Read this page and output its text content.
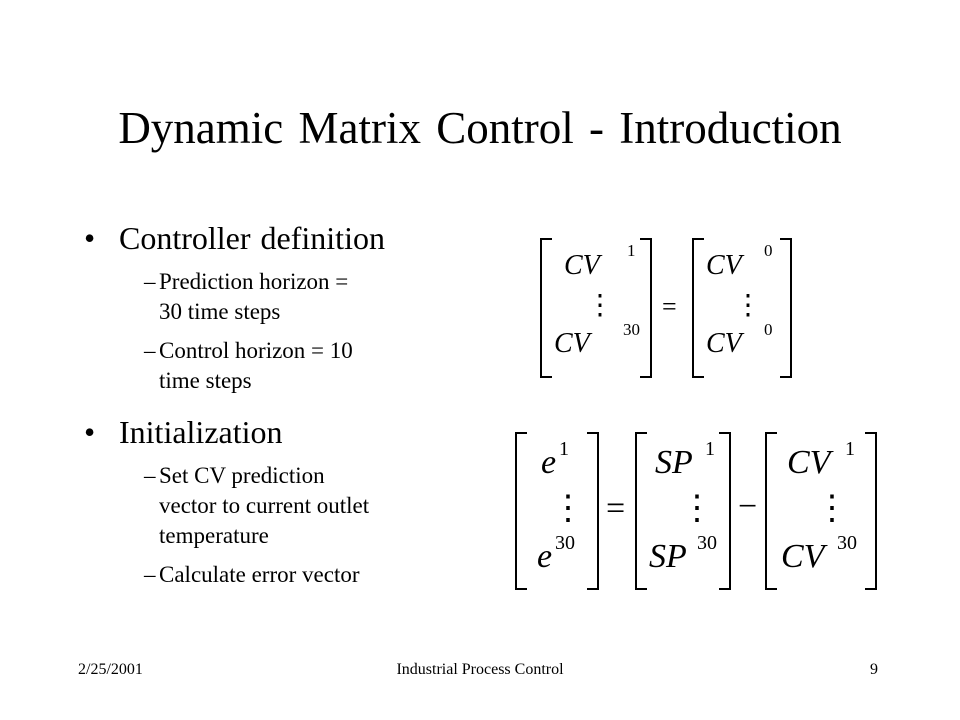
Dynamic Matrix Control - Introduction
• Controller definition
– Prediction horizon =
30 time steps
– Control horizon = 10
time steps
• Initialization
– Set CV prediction
vector to current outlet
temperature
– Calculate error vector
CV 1
⋮
CV 30
=
CV 0
⋮
CV 0
e 1
⋮
e 30
=
SP 1
⋮
SP 30
−
CV 1
⋮
CV 30
2/25/2001	Industrial Process Control	9
